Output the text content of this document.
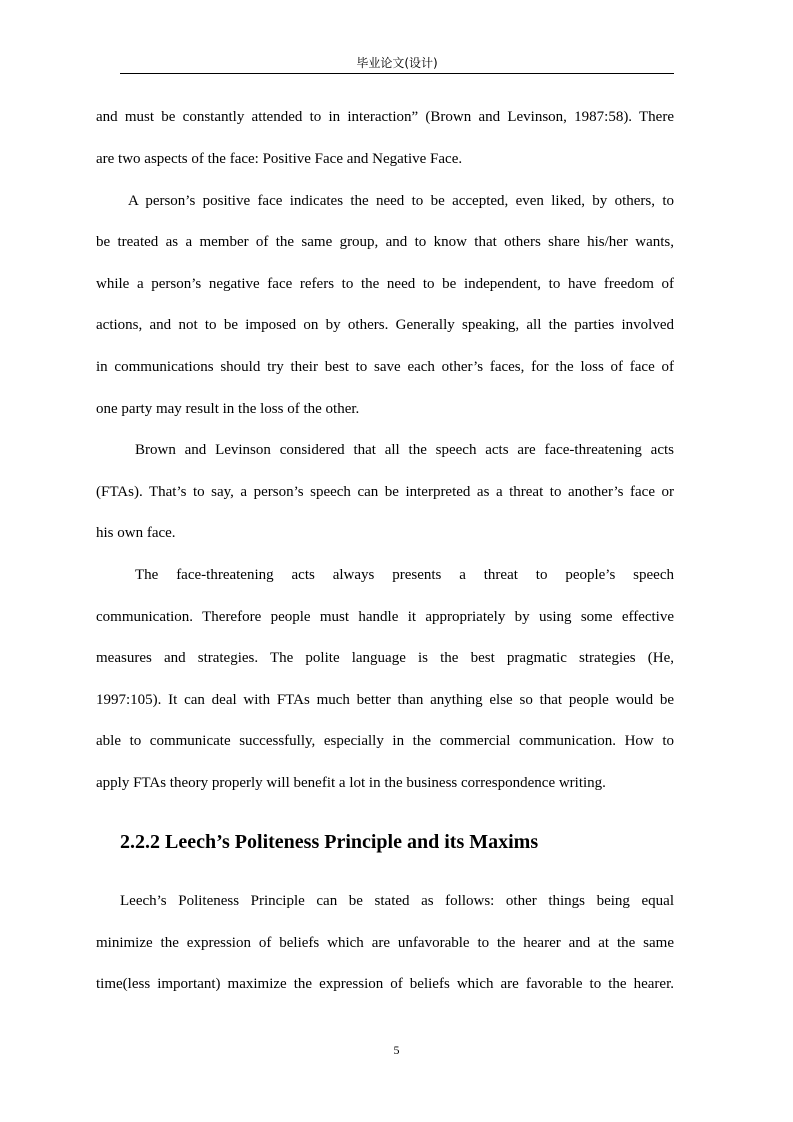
毕业论文(设计)
and must be constantly attended to in interaction” (Brown and Levinson, 1987:58). There
are two aspects of the face: Positive Face and Negative Face.
A person’s positive face indicates the need to be accepted, even liked, by others, to
be treated as a member of the same group, and to know that others share his/her wants,
while a person’s negative face refers to the need to be independent, to have freedom of
actions, and not to be imposed on by others. Generally speaking, all the parties involved
in communications should try their best to save each other’s faces, for the loss of face of
one party may result in the loss of the other.
Brown and Levinson considered that all the speech acts are face-threatening acts
(FTAs). That’s to say, a person’s speech can be interpreted as a threat to another’s face or
his own face.
The face-threatening acts always presents a threat to people’s speech
communication. Therefore people must handle it appropriately by using some effective
measures and strategies. The polite language is the best pragmatic strategies (He,
1997:105). It can deal with FTAs much better than anything else so that people would be
able to communicate successfully, especially in the commercial communication. How to
apply FTAs theory properly will benefit a lot in the business correspondence writing.
2.2.2 Leech’s Politeness Principle and its Maxims
Leech’s Politeness Principle can be stated as follows: other things being equal
minimize the expression of beliefs which are unfavorable to the hearer and at the same
time(less important) maximize the expression of beliefs which are favorable to the hearer.
5
